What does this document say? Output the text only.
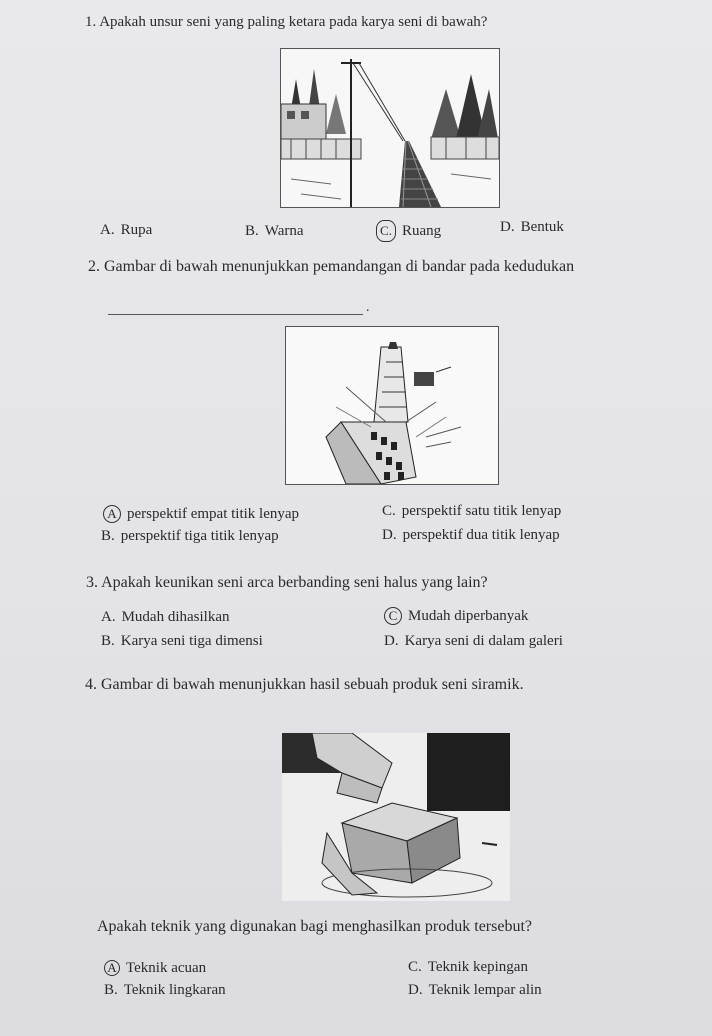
1. Apakah unsur seni yang paling ketara pada karya seni di bawah?
A. Rupa	B. Warna	C. Ruang	D. Bentuk
2. Gambar di bawah menunjukkan pemandangan di bandar pada kedudukan
.
A perspektif empat titik lenyap
B. perspektif tiga titik lenyap
C. perspektif satu titik lenyap
D. perspektif dua titik lenyap
3. Apakah keunikan seni arca berbanding seni halus yang lain?
A. Mudah dihasilkan
B. Karya seni tiga dimensi
C Mudah diperbanyak
D. Karya seni di dalam galeri
4. Gambar di bawah menunjukkan hasil sebuah produk seni siramik.
Apakah teknik yang digunakan bagi menghasilkan produk tersebut?
A Teknik acuan
B. Teknik lingkaran
C. Teknik kepingan
D. Teknik lempar alin
